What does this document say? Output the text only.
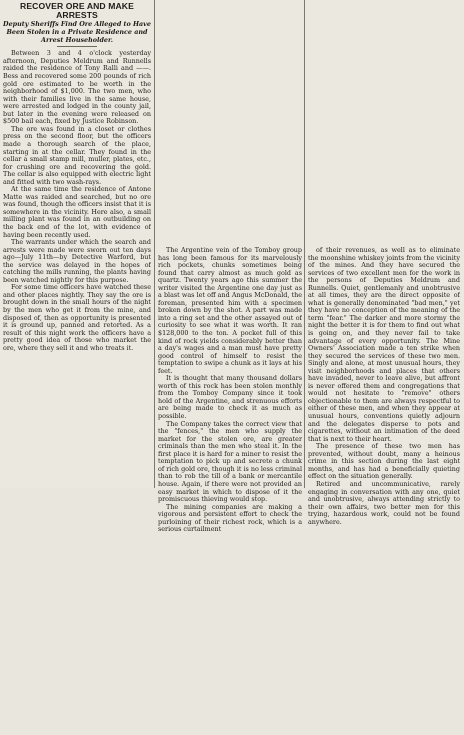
RECOVER ORE AND MAKE ARRESTS
Deputy Sheriffs Find Ore Alleged to Have Been Stolen in a Private Residence and Arrest Householder.

Between 3 and 4 o'clock yesterday afternoon, Deputies Meldrum and Runnells raided the residence of Tony Ralli and ——. Bess and recovered some 200 pounds of rich gold ore estimated to be worth in the neighborhood of $1,000. The two men, who with their families live in the same house, were arrested and lodged in the county jail, but later in the evening were released on $500 bail each, fixed by Justice Robinson.

The ore was found in a closet or clothes press on the second floor, but the officers made a thorough search of the place, starting in at the cellar. They found in the cellar a small stamp mill, muller, plates, etc., for crushing ore and recovering the gold. The cellar is also equipped with electric light and fitted with two wash-rays.

At the same time the residence of Antone Matte was raided and searched, but no ore was found, though the officers insist that it is somewhere in the vicinity. Here also, a small milling plant was found in an outbuilding on the back end of the lot, with evidence of having been recently used.

The warrants under which the search and arrests were made were sworn out ten days ago—July 11th—by Detective Warford, but the service was delayed in the hopes of catching the mills running, the plants having been watched nightly for this purpose.

For some time officers have watched these and other places nightly. They say the ore is brought down in the small hours of the night by the men who get it from the mine, and disposed of, then as opportunity is presented it is ground up, panned and retorted. As a result of this night work the officers have a pretty good idea of those who market the ore, where they sell it and who treats it.

The Argentine vein of the Tomboy group has long been famous for its marvelously rich pockets, chunks sometimes being found that carry almost as much gold as quartz. Twenty years ago this summer the writer visited the Argentine one day just as a blast was let off and Angus McDonald, the foreman, presented him with a specimen broken down by the shot. A part was made into a ring set and the other assayed out of curiosity to see what it was worth. It ran $128,000 to the ton. A pocket full of this kind of rock yields considerably better than a day's wages and a man must have pretty good control of himself to resist the temptation to swipe a chunk as it lays at his feet.

It is thought that many thousand dollars worth of this rock has been stolen monthly from the Tomboy Company since it took hold of the Argentine, and strenuous efforts are being made to check it as much as possible.

The Company takes the correct view that the "fences," the men who supply the market for the stolen ore, are greater criminals than the men who steal it. In the first place it is hard for a miner to resist the temptation to pick up and secrete a chunk of rich gold ore, though it is no less criminal than to rob the till of a bank or mercantile house. Again, if there were not provided an easy market in which to dispose of it the promiscuous thieving would stop.

The mining companies are making a vigorous and persistent effort to check the purloining of their richest rock, which is a serious curtailment

of their revenues, as well as to eliminate the moonshine whiskey joints from the vicinity of the mines. And they have secured the services of two excellent men for the work in the persons of Deputies Meldrum and Runnells. Quiet, gentlemanly and unobtrusive at all times, they are the direct opposite of what is generally denominated "bad men," yet they have no conception of the meaning of the term "fear." The darker and more stormy the night the better it is for them to find out what is going on, and they never fail to take advantage of every opportunity. The Mine Owners' Association made a ten strike when they secured the services of these two men. Singly and alone, at most unusual hours, they visit neighborhoods and places that others have invaded, never to leave alive, but affront is never offered them and congregations that would not hesitate to "remove" others objectionable to them are always respectful to either of these men, and when they appear at unusual hours, conventions quietly adjourn and the delegates disperse to pots and cigarettes, without an intimation of the deed that is next to their heart.

The presence of these two men has prevented, without doubt, many a heinous crime in this section during the last eight months, and has had a beneficially quieting effect on the situation generally.

Retired and uncommunicative, rarely engaging in conversation with any one, quiet and unobtrusive, always attending strictly to their own affairs, two better men for this trying, hazardous work, could not be found anywhere.
